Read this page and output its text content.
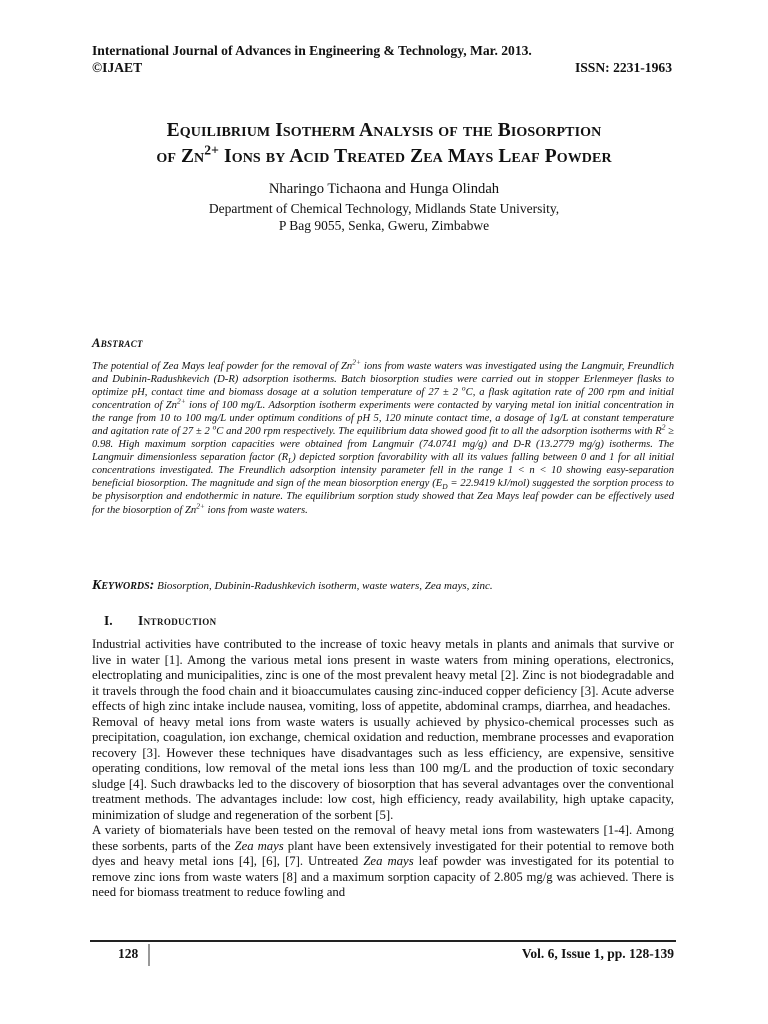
International Journal of Advances in Engineering & Technology, Mar. 2013.
©IJAET	ISSN: 2231-1963
Equilibrium Isotherm Analysis of the Biosorption
of $Zn^{2+}$ Ions by Acid Treated Zea Mays Leaf Powder
Nharingo Tichaona and Hunga Olindah
Department of Chemical Technology, Midlands State University,
P Bag 9055, Senka, Gweru, Zimbabwe
Abstract
The potential of Zea Mays leaf powder for the removal of $Zn^{2+}$ ions from waste waters was investigated using the Langmuir, Freundlich and Dubinin-Radushkevich (D-R) adsorption isotherms. Batch biosorption studies were carried out in stopper Erlenmeyer flasks to optimize pH, contact time and biomass dosage at a solution temperature of 27 ± 2 $^o$C, a flask agitation rate of 200 rpm and initial concentration of $Zn^{2+}$ ions of 100 mg/L. Adsorption isotherm experiments were contacted by varying metal ion initial concentration in the range from 10 to 100 mg/L under optimum conditions of pH 5, 120 minute contact time, a dosage of 1g/L at constant temperature and agitation rate of 27 ± 2 $^o$C and 200 rpm respectively. The equilibrium data showed good fit to all the adsorption isotherms with $R^2 \ge 0.98$. High maximum sorption capacities were obtained from Langmuir (74.0741 mg/g) and D-R (13.2779 mg/g) isotherms. The Langmuir dimensionless separation factor $(R_L)$ depicted sorption favorability with all its values falling between 0 and 1 for all initial concentrations investigated. The Freundlich adsorption intensity parameter fell in the range 1 < n < 10 showing easy-separation beneficial biosorption. The magnitude and sign of the mean biosorption energy ($E_D = 22.9419$ kJ/mol) suggested the sorption process to be physisorption and endothermic in nature. The equilibrium sorption study showed that Zea Mays leaf powder can be effectively used for the biosorption of $Zn^{2+}$ ions from waste waters.
Keywords: Biosorption, Dubinin-Radushkevich isotherm, waste waters, Zea mays, zinc.
I. Introduction

Industrial activities have contributed to the increase of toxic heavy metals in plants and animals that survive or live in water [1]. Among the various metal ions present in waste waters from mining operations, electronics, electroplating and municipalities, zinc is one of the most prevalent heavy metal [2]. Zinc is not biodegradable and it travels through the food chain and it bioaccumulates causing zinc-induced copper deficiency [3]. Acute adverse effects of high zinc intake include nausea, vomiting, loss of appetite, abdominal cramps, diarrhea, and headaches.

Removal of heavy metal ions from waste waters is usually achieved by physico-chemical processes such as precipitation, coagulation, ion exchange, chemical oxidation and reduction, membrane processes and evaporation recovery [3]. However these techniques have disadvantages such as less efficiency, are expensive, sensitive operating conditions, low removal of the metal ions less than 100 mg/L and the production of toxic secondary sludge [4]. Such drawbacks led to the discovery of biosorption that has several advantages over the conventional treatment methods. The advantages include: low cost, high efficiency, ready availability, high uptake capacity, minimization of sludge and regeneration of the sorbent [5].

A variety of biomaterials have been tested on the removal of heavy metal ions from wastewaters [1-4]. Among these sorbents, parts of the Zea mays plant have been extensively investigated for their potential to remove both dyes and heavy metal ions [4], [6], [7]. Untreated Zea mays leaf powder was investigated for its potential to remove zinc ions from waste waters [8] and a maximum sorption capacity of 2.805 mg/g was achieved. There is need for biomass treatment to reduce fowling and

128	Vol. 6, Issue 1, pp. 128-139
